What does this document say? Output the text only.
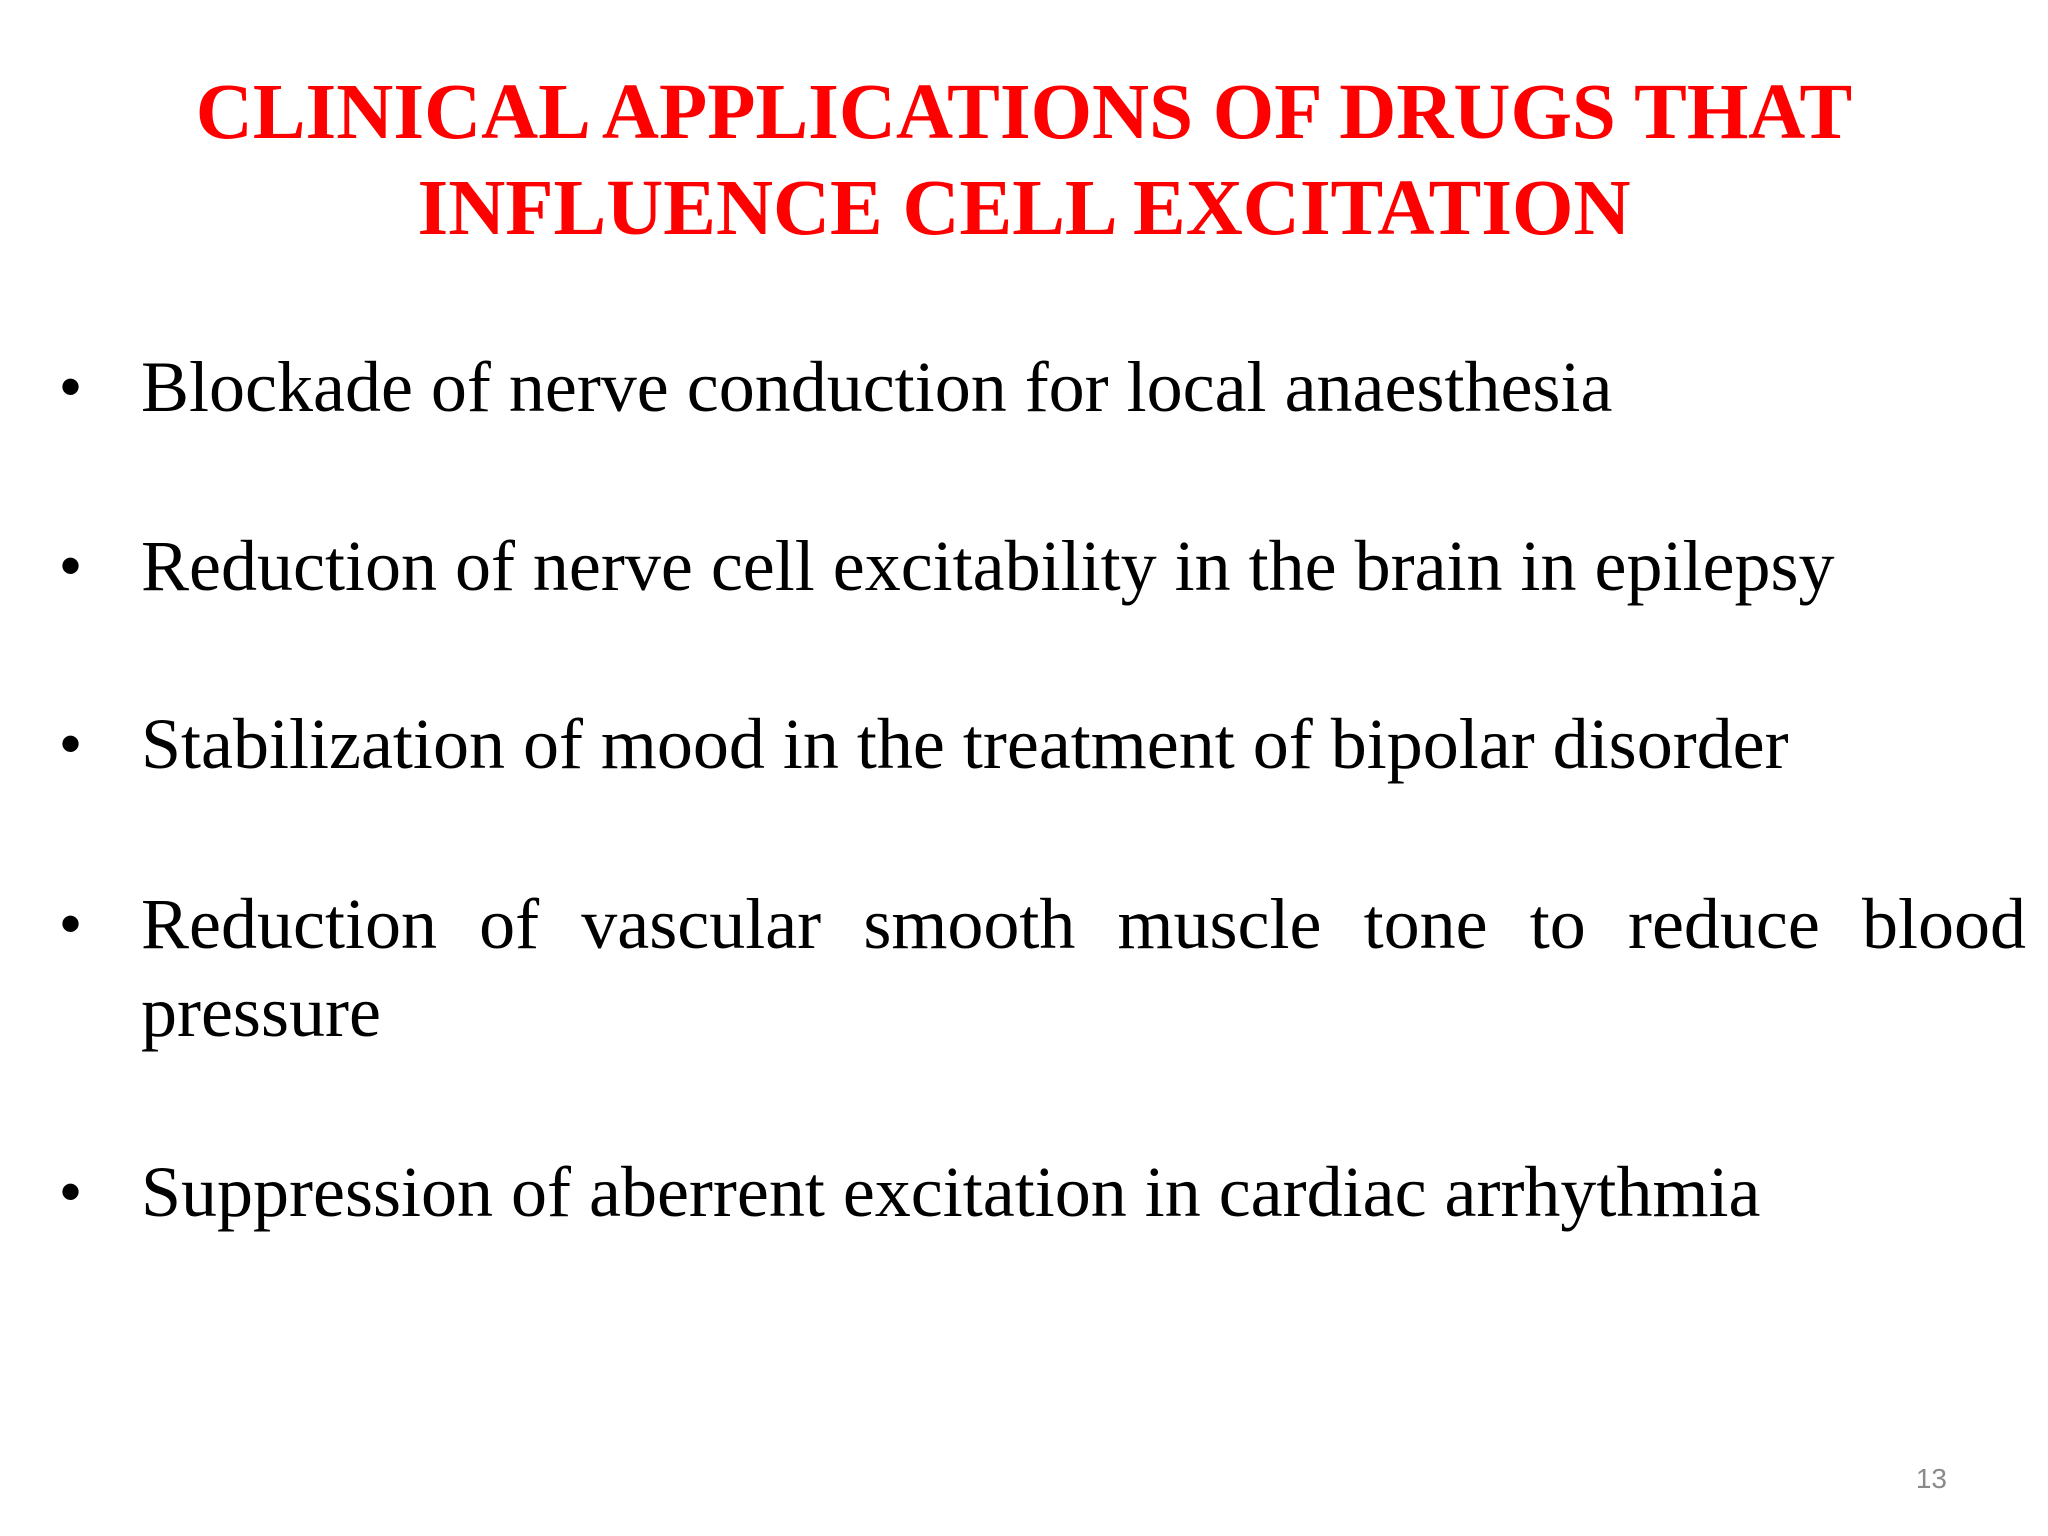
CLINICAL APPLICATIONS OF DRUGS THAT
INFLUENCE CELL EXCITATION
• Blockade of nerve conduction for local anaesthesia
• Reduction of nerve cell excitability in the brain in epilepsy
• Stabilization of mood in the treatment of bipolar disorder
• Reduction of vascular smooth muscle tone to reduce blood pressure
• Suppression of aberrent excitation in cardiac arrhythmia
13
